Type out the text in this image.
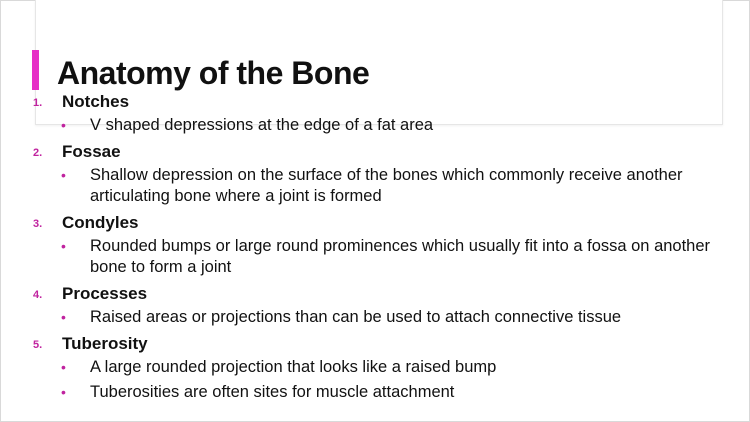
Anatomy of the Bone
1. Notches
• V shaped depressions at the edge of a fat area
2. Fossae
• Shallow depression on the surface of the bones which commonly receive another articulating bone where a joint is formed
3. Condyles
• Rounded bumps or large round prominences which usually fit into a fossa on another bone to form a joint
4. Processes
• Raised areas or projections than can be used to attach connective tissue
5. Tuberosity
• A large rounded projection that looks like a raised bump
• Tuberosities are often sites for muscle attachment
